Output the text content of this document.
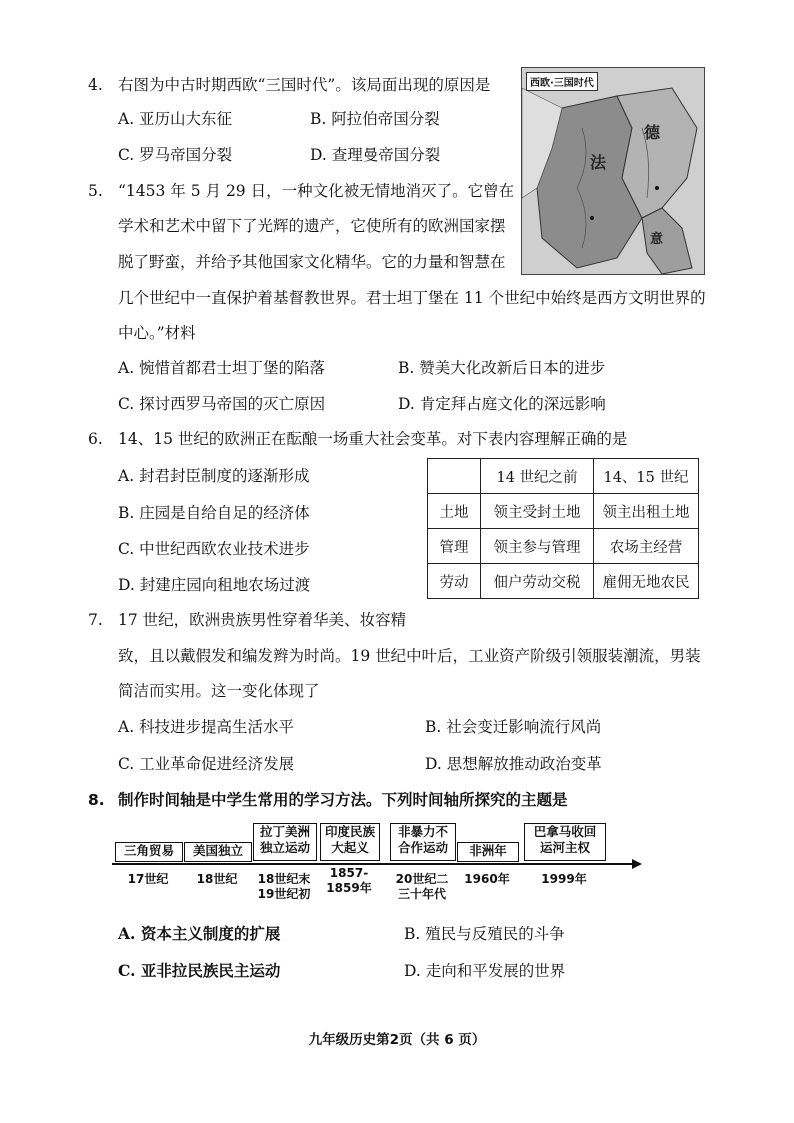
4. 右图为中古时期西欧“三国时代”。该局面出现的原因是
A. 亚历山大东征	B. 阿拉伯帝国分裂
C. 罗马帝国分裂	D. 查理曼帝国分裂	法
德
意
西欧·三国时代
5. “1453 年 5 月 29 日，一种文化被无情地消灭了。它曾在
学术和艺术中留下了光辉的遗产，它使所有的欧洲国家摆
脱了野蛮，并给予其他国家文化精华。它的力量和智慧在
几个世纪中一直保护着基督教世界。君士坦丁堡在 11 个世纪中始终是西方文明世界的
中心。”材料
A. 惋惜首都君士坦丁堡的陷落	B. 赞美大化改新后日本的进步
C. 探讨西罗马帝国的灭亡原因	D. 肯定拜占庭文化的深远影响
6. 14、15 世纪的欧洲正在酝酿一场重大社会变革。对下表内容理解正确的是
A. 封君封臣制度的逐渐形成
B. 庄园是自给自足的经济体
C. 中世纪西欧农业技术进步
D. 封建庄园向租地农场过渡
	14 世纪之前	14、15 世纪
土地	领主受封土地	领主出租土地
管理	领主参与管理	农场主经营
劳动	佃户劳动交税	雇佣无地农民
7. 17 世纪，欧洲贵族男性穿着华美、妆容精
致，且以戴假发和编发辫为时尚。19 世纪中叶后，工业资产阶级引领服装潮流，男装
简洁而实用。这一变化体现了
A. 科技进步提高生活水平	B. 社会变迁影响流行风尚
C. 工业革命促进经济发展	D. 思想解放推动政治变革
8. 制作时间轴是中学生常用的学习方法。下列时间轴所探究的主题是
三角贸易	美国独立
拉丁美洲
独立运动
印度民族
大起义
非暴力不
合作运动	非洲年
巴拿马收回
运河主权
17世纪	18世纪	18世纪末
19世纪初
1857-
1859年
20世纪二
三十年代
1960年	1999年
A. 资本主义制度的扩展	B. 殖民与反殖民的斗争
C. 亚非拉民族民主运动	D. 走向和平发展的世界
九年级历史第2页（共 6 页）
